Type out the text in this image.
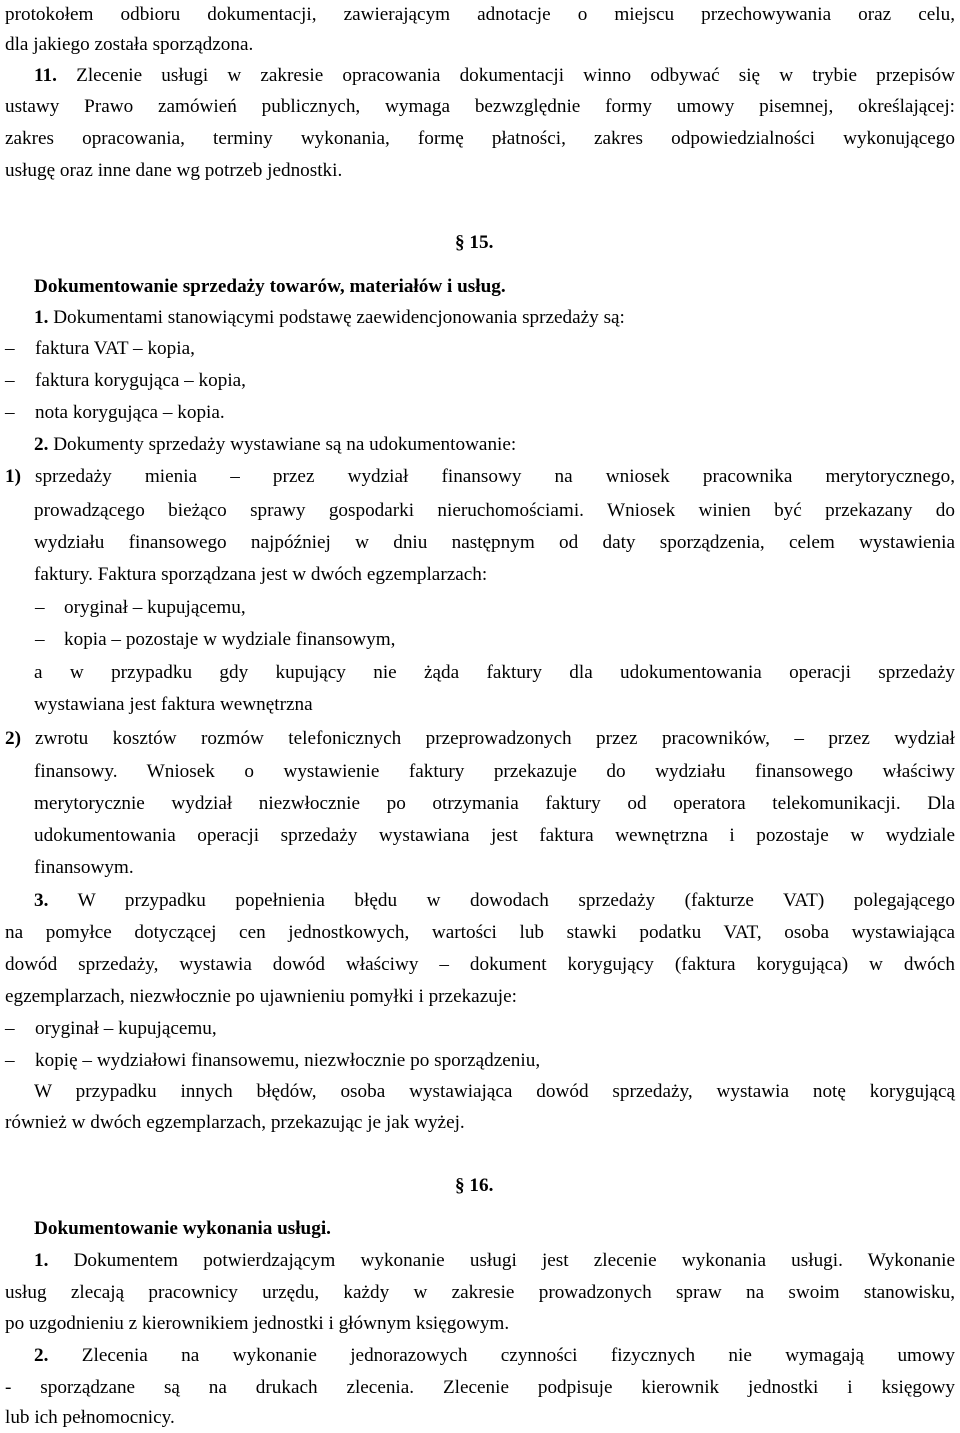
protokołem odbioru dokumentacji, zawierającym adnotacje o miejscu przechowywania oraz celu,
dla jakiego została sporządzona.
11. Zlecenie usługi w zakresie opracowania dokumentacji winno odbywać się w trybie przepisów
ustawy Prawo zamówień publicznych, wymaga bezwzględnie formy umowy pisemnej, określającej:
zakres opracowania, terminy wykonania, formę płatności, zakres odpowiedzialności wykonującego
usługę oraz inne dane wg potrzeb jednostki.
§ 15.
Dokumentowanie sprzedaży towarów, materiałów i usług.
1. Dokumentami stanowiącymi podstawę zaewidencjonowania sprzedaży są:
– faktura VAT – kopia,
– faktura korygująca – kopia,
– nota korygująca – kopia.
2. Dokumenty sprzedaży wystawiane są na udokumentowanie:
1) sprzedaży mienia – przez wydział finansowy na wniosek pracownika merytorycznego,
prowadzącego bieżąco sprawy gospodarki nieruchomościami. Wniosek winien być przekazany do
wydziału finansowego najpóźniej w dniu następnym od daty sporządzenia, celem wystawienia
faktury. Faktura sporządzana jest w dwóch egzemplarzach:
– oryginał – kupującemu,
– kopia – pozostaje w wydziale finansowym,
a w przypadku gdy kupujący nie żąda faktury dla udokumentowania operacji sprzedaży
wystawiana jest faktura wewnętrzna
2) zwrotu kosztów rozmów telefonicznych przeprowadzonych przez pracowników, – przez wydział
finansowy. Wniosek o wystawienie faktury przekazuje do wydziału finansowego właściwy
merytorycznie wydział niezwłocznie po otrzymania faktury od operatora telekomunikacji. Dla
udokumentowania operacji sprzedaży wystawiana jest faktura wewnętrzna i pozostaje w wydziale
finansowym.
3. W przypadku popełnienia błędu w dowodach sprzedaży (fakturze VAT) polegającego
na pomyłce dotyczącej cen jednostkowych, wartości lub stawki podatku VAT, osoba wystawiająca
dowód sprzedaży, wystawia dowód właściwy – dokument korygujący (faktura korygująca) w dwóch
egzemplarzach, niezwłocznie po ujawnieniu pomyłki i przekazuje:
– oryginał – kupującemu,
– kopię – wydziałowi finansowemu, niezwłocznie po sporządzeniu,
W przypadku innych błędów, osoba wystawiająca dowód sprzedaży, wystawia notę korygującą
również w dwóch egzemplarzach, przekazując je jak wyżej.
§ 16.
Dokumentowanie wykonania usługi.
1. Dokumentem potwierdzającym wykonanie usługi jest zlecenie wykonania usługi. Wykonanie
usług zlecają pracownicy urzędu, każdy w zakresie prowadzonych spraw na swoim stanowisku,
po uzgodnieniu z kierownikiem jednostki i głównym księgowym.
2. Zlecenia na wykonanie jednorazowych czynności fizycznych nie wymagają umowy
- sporządzane są na drukach zlecenia. Zlecenie podpisuje kierownik jednostki i księgowy
lub ich pełnomocnicy.
